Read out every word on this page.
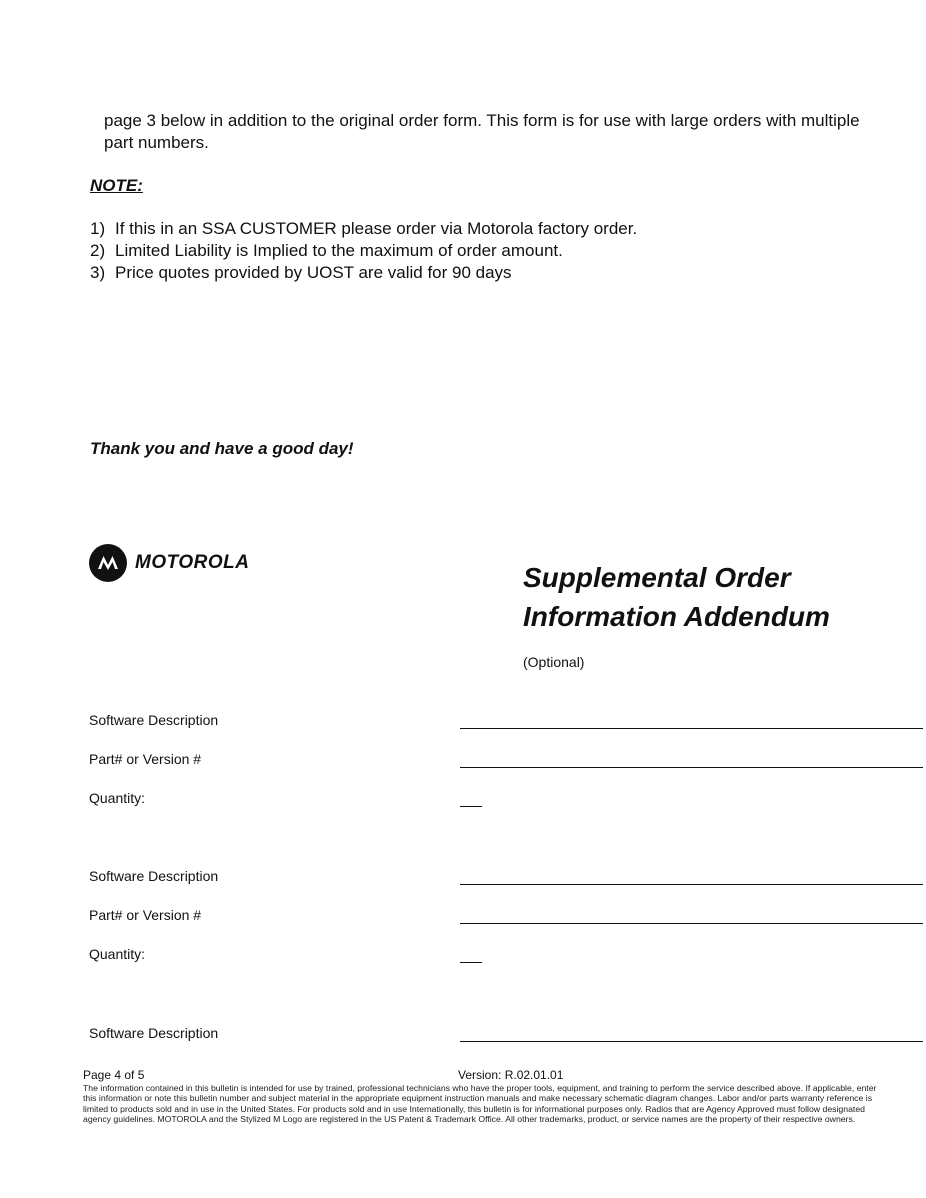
page 3 below in addition to the original order form. This form is for use with large orders with multiple part numbers.

NOTE:

1) If this in an SSA CUSTOMER please order via Motorola factory order.
2) Limited Liability is Implied to the maximum of order amount.
3) Price quotes provided by UOST are valid for 90 days

Thank you and have a good day!

MOTOROLA	Supplemental Order
Information Addendum

(Optional)

Software Description

Part# or Version #

Quantity:

Software Description

Part# or Version #

Quantity:

Software Description

Page 4 of 5	Version: R.02.01.01

The information contained in this bulletin is intended for use by trained, professional technicians who have the proper tools, equipment, and training to perform the service described above. If applicable, enter this information or note this bulletin number and subject material in the appropriate equipment instruction manuals and make necessary schematic diagram changes. Labor and/or parts warranty reference is limited to products sold and in use in the United States. For products sold and in use Internationally, this bulletin is for informational purposes only. Radios that are Agency Approved must follow designated agency guidelines. MOTOROLA and the Stylized M Logo are registered in the US Patent & Trademark Office. All other trademarks, product, or service names are the property of their respective owners.
